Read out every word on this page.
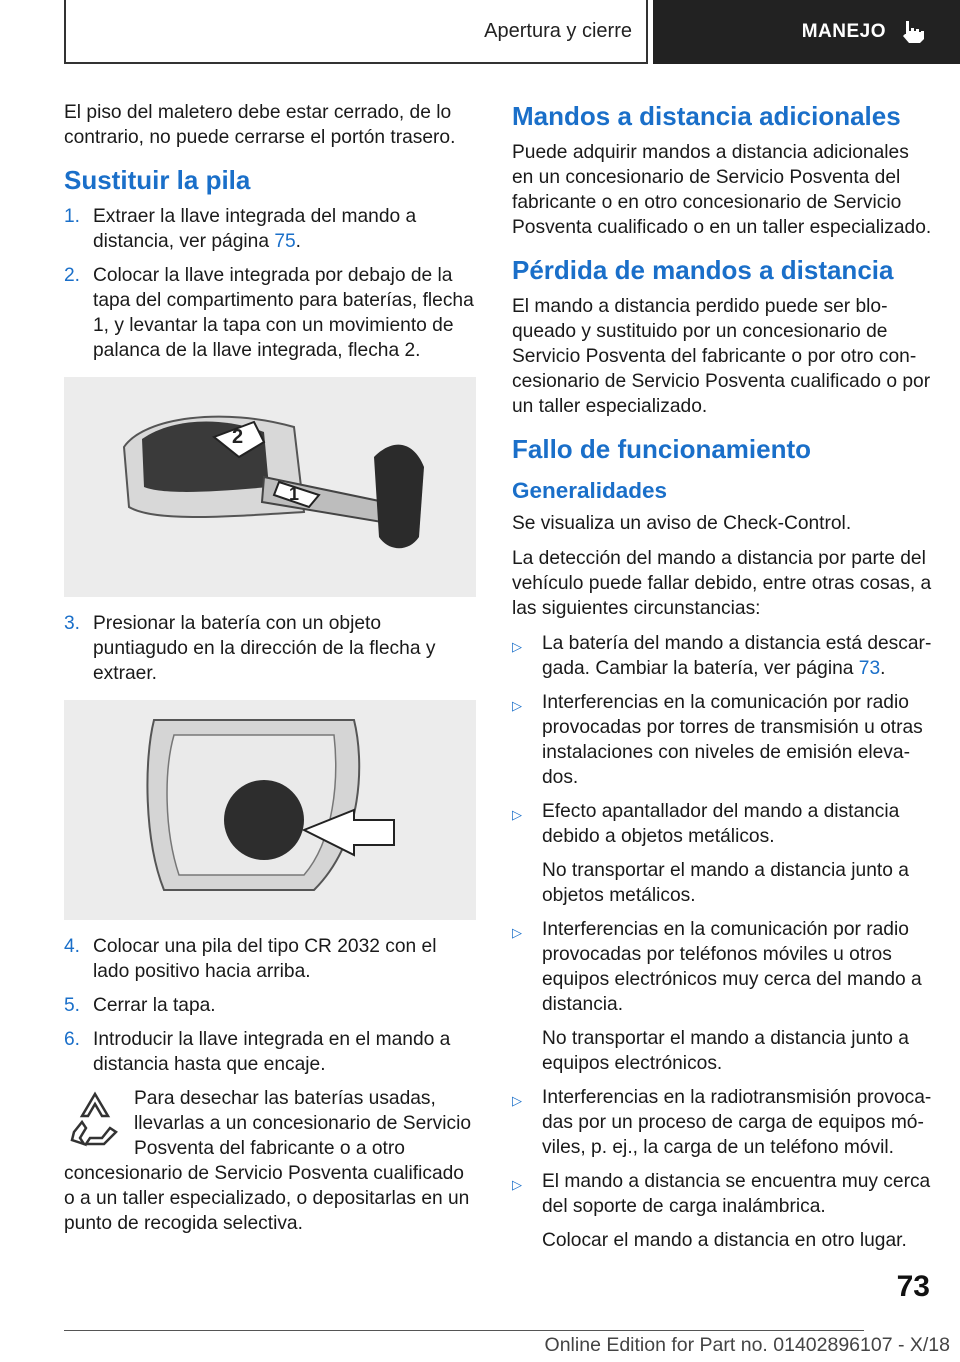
Apertura y cierre	MANEJO

El piso del maletero debe estar cerrado, de lo contrario, no puede cerrarse el portón trasero.

Sustituir la pila
1. Extraer la llave integrada del mando a distancia, ver página 75.
2. Colocar la llave integrada por debajo de la tapa del compartimento para baterías, flecha 1, y levantar la tapa con un movimiento de palanca de la llave integrada, flecha 2.
2
1
3. Presionar la batería con un objeto puntiagudo en la dirección de la flecha y extraer.
4. Colocar una pila del tipo CR 2032 con el lado positivo hacia arriba.
5. Cerrar la tapa.
6. Introducir la llave integrada en el mando a distancia hasta que encaje.
Para desechar las baterías usadas, llevarlas a un concesionario de Servicio Posventa del fabricante o a otro concesionario de Servicio Posventa cualificado o a un taller especializado, o depositarlas en un punto de recogida selectiva.
Mandos a distancia adicionales

Puede adquirir mandos a distancia adicionales en un concesionario de Servicio Posventa del fabricante o en otro concesionario de Servicio Posventa cualificado o en un taller especializado.

Pérdida de mandos a distancia

El mando a distancia perdido puede ser bloqueado y sustituido por un concesionario de Servicio Posventa del fabricante o por otro concesionario de Servicio Posventa cualificado o por un taller especializado.

Fallo de funcionamiento
Generalidades

Se visualiza un aviso de Check-Control.

La detección del mando a distancia por parte del vehículo puede fallar debido, entre otras cosas, a las siguientes circunstancias:

▷	La batería del mando a distancia está descargada. Cambiar la batería, ver página 73.
▷	Interferencias en la comunicación por radio provocadas por torres de transmisión u otras instalaciones con niveles de emisión elevados.
▷	Efecto apantallador del mando a distancia debido a objetos metálicos.

No transportar el mando a distancia junto a objetos metálicos.

▷	Interferencias en la comunicación por radio provocadas por teléfonos móviles u otros equipos electrónicos muy cerca del mando a distancia.

No transportar el mando a distancia junto a equipos electrónicos.

▷	Interferencias en la radiotransmisión provocadas por un proceso de carga de equipos móviles, p. ej., la carga de un teléfono móvil.
▷	El mando a distancia se encuentra muy cerca del soporte de carga inalámbrica.

Colocar el mando a distancia en otro lugar.

73
Online Edition for Part no. 01402896107 - X/18
